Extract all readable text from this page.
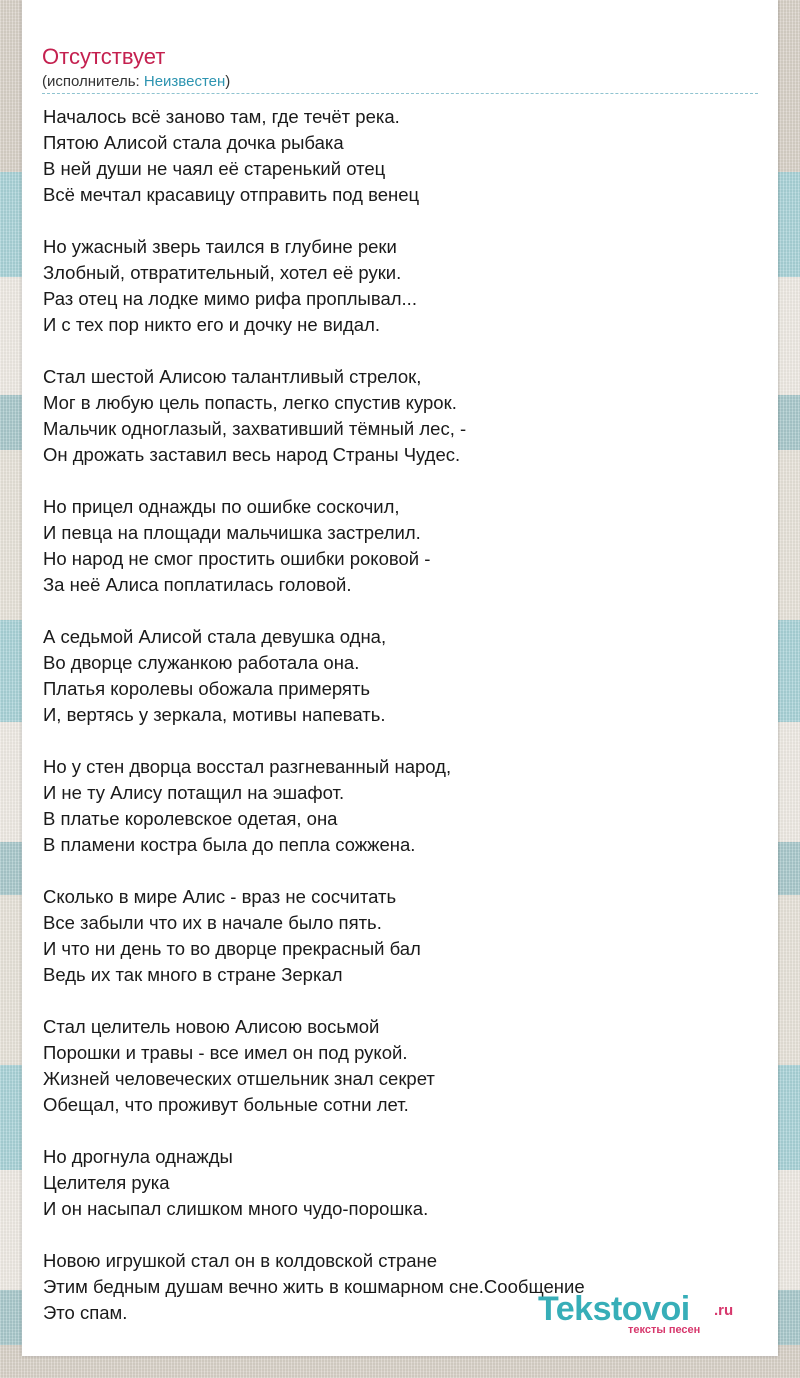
Отсутствует
(исполнитель: Неизвестен)
Началось всё заново там, где течёт река.
Пятою Алисой стала дочка рыбака
В ней души не чаял её старенький отец
Всё мечтал красавицу отправить под венец
Но ужасный зверь таился в глубине реки
Злобный, отвратительный, хотел её руки.
Раз отец на лодке мимо рифа проплывал...
И с тех пор никто его и дочку не видал.
Стал шестой Алисою талантливый стрелок,
Мог в любую цель попасть, легко спустив курок.
Мальчик одноглазый, захвативший тёмный лес, -
Он дрожать заставил весь народ Страны Чудес.
Но прицел однажды по ошибке соскочил,
И певца на площади мальчишка застрелил.
Но народ не смог простить ошибки роковой -
За неё Алиса поплатилась головой.
А седьмой Алисой стала девушка одна,
Во дворце служанкою работала она.
Платья королевы обожала примерять
И, вертясь у зеркала, мотивы напевать.
Но у стен дворца восстал разгневанный народ,
И не ту Алису потащил на эшафот.
В платье королевское одетая, она
В пламени костра была до пепла сожжена.
Сколько в мире Алис - враз не сосчитать
Все забыли что их в начале было пять.
И что ни день то во дворце прекрасный бал
Ведь их так много в стране Зеркал
Стал целитель новою Алисою восьмой
Порошки и травы - все имел он под рукой.
Жизней человеческих отшельник знал секрет
Обещал, что проживут больные сотни лет.
Но дрогнула однажды
Целителя рука
И он насыпал слишком много чудо-порошка.
Новою игрушкой стал он в колдовской стране
Этим бедным душам вечно жить в кошмарном сне.Сообщение
Это спам.	Tekstovoi .ru
тексты песен
